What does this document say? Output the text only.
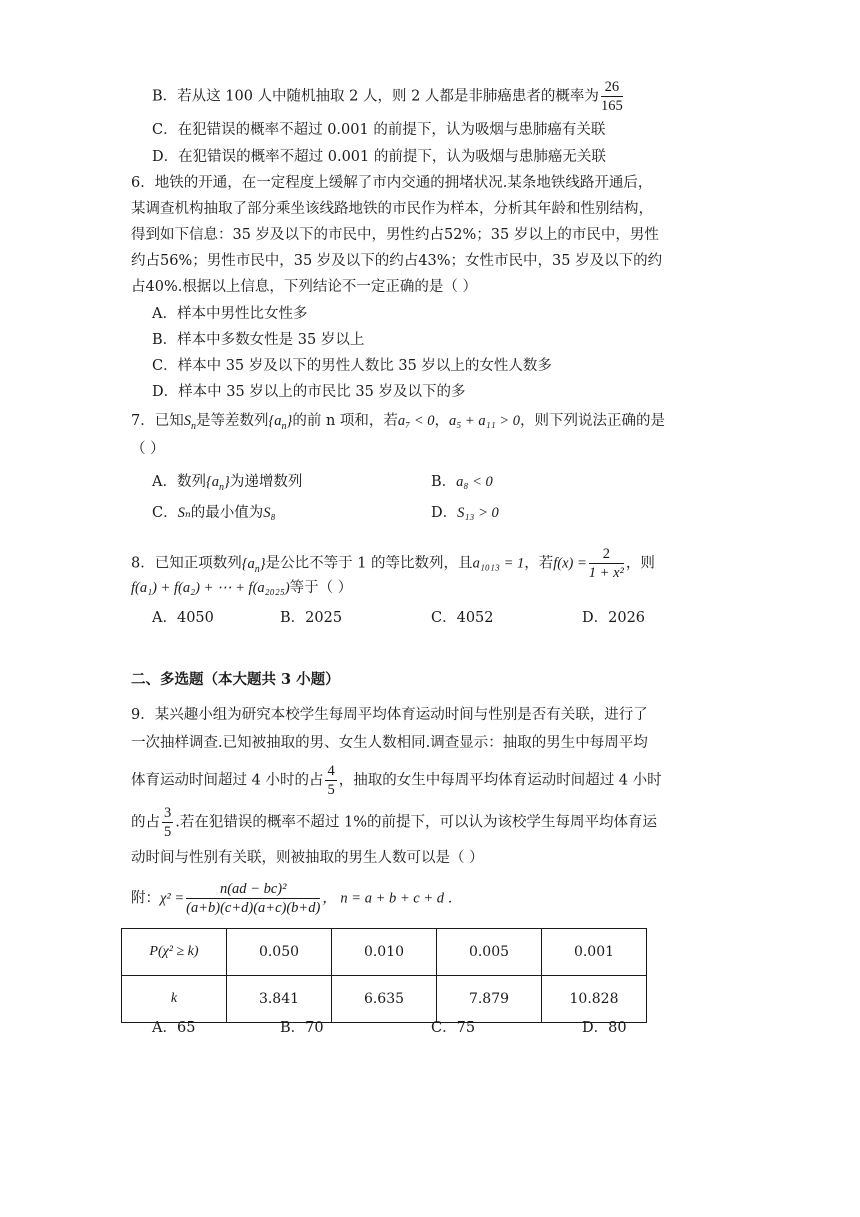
B．若从这 100 人中随机抽取 2 人，则 2 人都是非肺癌患者的概率为 $\frac{26}{165}$
C．在犯错误的概率不超过 0.001 的前提下，认为吸烟与患肺癌有关联
D．在犯错误的概率不超过 0.001 的前提下，认为吸烟与患肺癌无关联
6．地铁的开通，在一定程度上缓解了市内交通的拥堵状况.某条地铁线路开通后，
某调查机构抽取了部分乘坐该线路地铁的市民作为样本，分析其年龄和性别结构，
得到如下信息：35 岁及以下的市民中，男性约占52%；35 岁以上的市民中，男性
约占56%；男性市民中，35 岁及以下的约占43%；女性市民中，35 岁及以下的约
占40%.根据以上信息，下列结论不一定正确的是（ ）
A．样本中男性比女性多
B．样本中多数女性是 35 岁以上
C．样本中 35 岁及以下的男性人数比 35 岁以上的女性人数多
D．样本中 35 岁以上的市民比 35 岁及以下的多
7．已知$S_n$是等差数列$\{a_n\}$的前 n 项和，若a₇ < 0，a₅ + a₁₁ > 0，则下列说法正确的是
（ ）
A．数列$\{a_n\}$为递增数列	B．a₈ < 0
C．Sₙ的最小值为S₈	D．S₁₃ > 0
8．已知正项数列$\{a_n\}$是公比不等于 1 的等比数列，且a₁₀₁₃ = 1，若$f(x) = \frac{2}{\text{1 + x²}}$ ，则
f(a₁) + f(a₂) + ⋯ + f(a₂₀₂₅)等于（ ）
A．4050	B．2025	C．4052	D．2026
二、多选题（本大题共 3 小题）
9．某兴趣小组为研究本校学生每周平均体育运动时间与性别是否有关联，进行了
一次抽样调查.已知被抽取的男、女生人数相同.调查显示：抽取的男生中每周平均
体育运动时间超过 4 小时的占 $\frac{4}{5}$ ，抽取的女生中每周平均体育运动时间超过 4 小时
的占 $\frac{3}{5}$ .若在犯错误的概率不超过 1%的前提下，可以认为该校学生每周平均体育运
动时间与性别有关联，则被抽取的男生人数可以是（ ）
附：$\chi^2 = \frac{\text{n(ad − bc)²}}{(a+b)(c+d)(a+c)(b+d)}$ ， n = a + b + c + d ．
P(χ² ≥ k)	0.050	0.010	0.005	0.001
k	3.841	6.635	7.879	10.828
A．65	B．70	C．75	D．80
